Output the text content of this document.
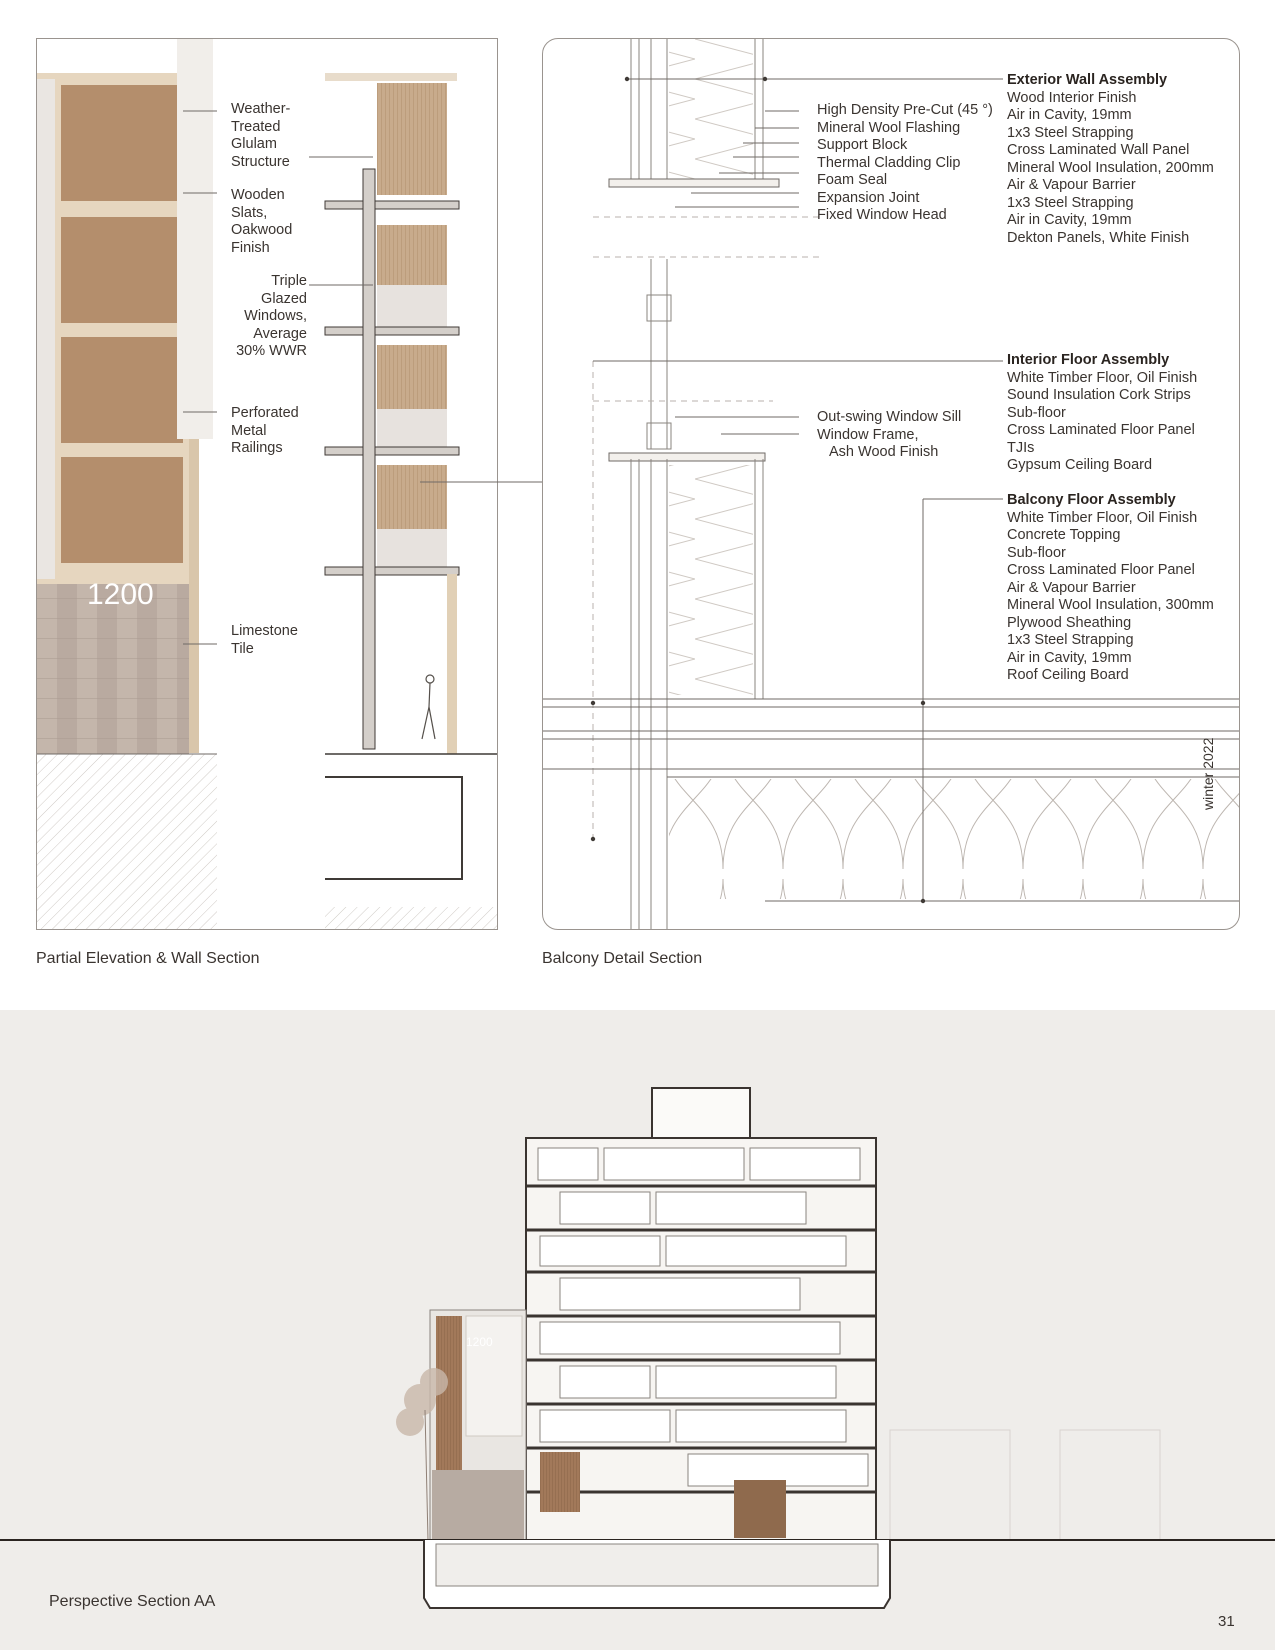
1200
Weather-
Treated
Glulam
Structure
Wooden
Slats,
Oakwood
Finish
Triple
Glazed
Windows,
Average
30% WWR
Perforated
Metal
Railings
Limestone
Tile
Partial Elevation & Wall Section
High Density Pre-Cut (45 °)
Mineral Wool Flashing
Support Block
Thermal Cladding Clip
Foam Seal
Expansion Joint
Fixed Window Head
Out-swing Window Sill
Window Frame,
Ash Wood Finish
Exterior Wall Assembly
Wood Interior Finish
Air in Cavity, 19mm
1x3 Steel Strapping
Cross Laminated Wall Panel
Mineral Wool Insulation, 200mm
Air & Vapour Barrier
1x3 Steel Strapping
Air in Cavity, 19mm
Dekton Panels, White Finish
Interior Floor Assembly
White Timber Floor, Oil Finish
Sound Insulation Cork Strips
Sub-floor
Cross Laminated Floor Panel
TJIs
Gypsum Ceiling Board
Balcony Floor Assembly
White Timber Floor, Oil Finish
Concrete Topping
Sub-floor
Cross Laminated Floor Panel
Air & Vapour Barrier
Mineral Wool Insulation, 300mm
Plywood Sheathing
1x3 Steel Strapping
Air in Cavity, 19mm
Roof Ceiling Board
Balcony Detail Section
winter 2022
1200
Perspective Section AA
31
